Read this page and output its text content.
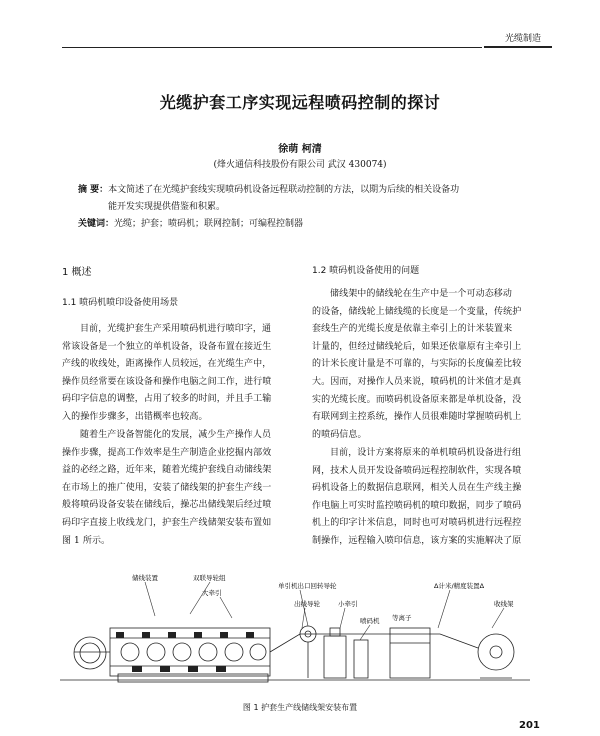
光缆制造
光缆护套工序实现远程喷码控制的探讨
徐萌 柯清
(烽火通信科技股份有限公司 武汉 430074)
摘 要：本文简述了在光缆护套线实现喷码机设备远程联动控制的方法，以期为后续的相关设备功
能开发实现提供借鉴和积累。
关键词：光缆；护套；喷码机；联网控制；可编程控制器
1 概述
1.1 喷码机喷印设备使用场景
目前，光缆护套生产采用喷码机进行喷印字，通
常该设备是一个独立的单机设备，设备布置在接近生
产线的收线处，距离操作人员较远，在光缆生产中，
操作员经常要在该设备和操作电脑之间工作，进行喷
码印字信息的调整，占用了较多的时间，并且手工输
入的操作步骤多，出错概率也较高。
随着生产设备智能化的发展，减少生产操作人员
操作步骤，提高工作效率是生产制造企业挖掘内部效
益的必经之路，近年来，随着光缆护套线自动储线架
在市场上的推广使用，安装了储线架的护套生产线一
般将喷码设备安装在储线后，操芯出储线架后经过喷
码印字直接上收线龙门，护套生产线储架安装布置如
图 1 所示。
1.2 喷码机设备使用的问题
储线架中的储线轮在生产中是一个可动态移动
的设备，储线轮上储线缆的长度是一个变量，传统护
套线生产的光缆长度是依靠主牵引上的计米装置来
计量的，但经过储线轮后，如果还依靠原有主牵引上
的计米长度计量是不可靠的，与实际的长度偏差比较
大。因而，对操作人员来说，喷码机的计米值才是真
实的光缆长度。而喷码机设备原来都是单机设备，没
有联网到主控系统，操作人员很难随时掌握喷码机上
的喷码信息。
目前，设计方案将原来的单机喷码机设备进行组
网，技术人员开发设备喷码远程控制软件，实现各喷
码机设备上的数据信息联网，相关人员在生产线主操
作电脑上可实时监控喷码机的喷印数据，同步了喷码
机上的印字计米信息，同时也可对喷码机进行远程控
制操作，远程输入喷印信息，该方案的实施解决了原
储线装置	双联导轮组
大牵引
单引机出口回转导轮
出线导轮	小牵引
喷码机 等离子
Δ计米/精度装置Δ
收线架
图 1 护套生产线储线架安装布置
201
